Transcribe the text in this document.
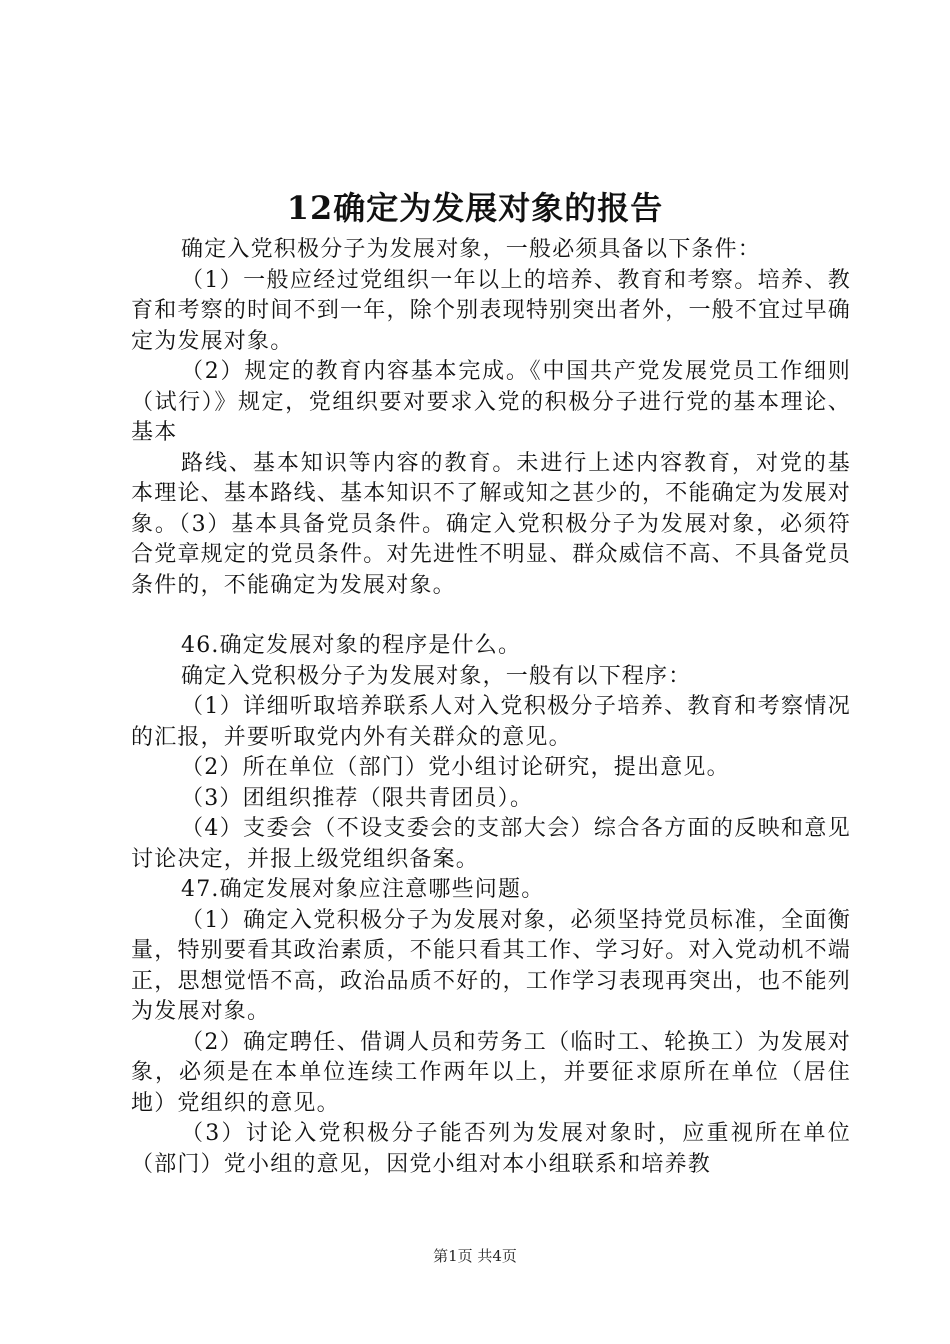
12确定为发展对象的报告

确定入党积极分子为发展对象，一般必须具备以下条件：

（1）一般应经过党组织一年以上的培养、教育和考察。培养、教育和考察的时间不到一年，除个别表现特别突出者外，一般不宜过早确定为发展对象。

（2）规定的教育内容基本完成。《中国共产党发展党员工作细则（试行）》规定，党组织要对要求入党的积极分子进行党的基本理论、基本

路线、基本知识等内容的教育。未进行上述内容教育，对党的基本理论、基本路线、基本知识不了解或知之甚少的，不能确定为发展对象。（3）基本具备党员条件。确定入党积极分子为发展对象，必须符合党章规定的党员条件。对先进性不明显、群众威信不高、不具备党员条件的，不能确定为发展对象。

46.确定发展对象的程序是什么。

确定入党积极分子为发展对象，一般有以下程序：

（1）详细听取培养联系人对入党积极分子培养、教育和考察情况的汇报，并要听取党内外有关群众的意见。

（2）所在单位（部门）党小组讨论研究，提出意见。

（3）团组织推荐（限共青团员）。

（4）支委会（不设支委会的支部大会）综合各方面的反映和意见讨论决定，并报上级党组织备案。

47.确定发展对象应注意哪些问题。

（1）确定入党积极分子为发展对象，必须坚持党员标准，全面衡量，特别要看其政治素质，不能只看其工作、学习好。对入党动机不端正，思想觉悟不高，政治品质不好的，工作学习表现再突出，也不能列为发展对象。

（2）确定聘任、借调人员和劳务工（临时工、轮换工）为发展对象，必须是在本单位连续工作两年以上，并要征求原所在单位（居住地）党组织的意见。

（3）讨论入党积极分子能否列为发展对象时，应重视所在单位（部门）党小组的意见，因党小组对本小组联系和培养教

第1页 共4页
